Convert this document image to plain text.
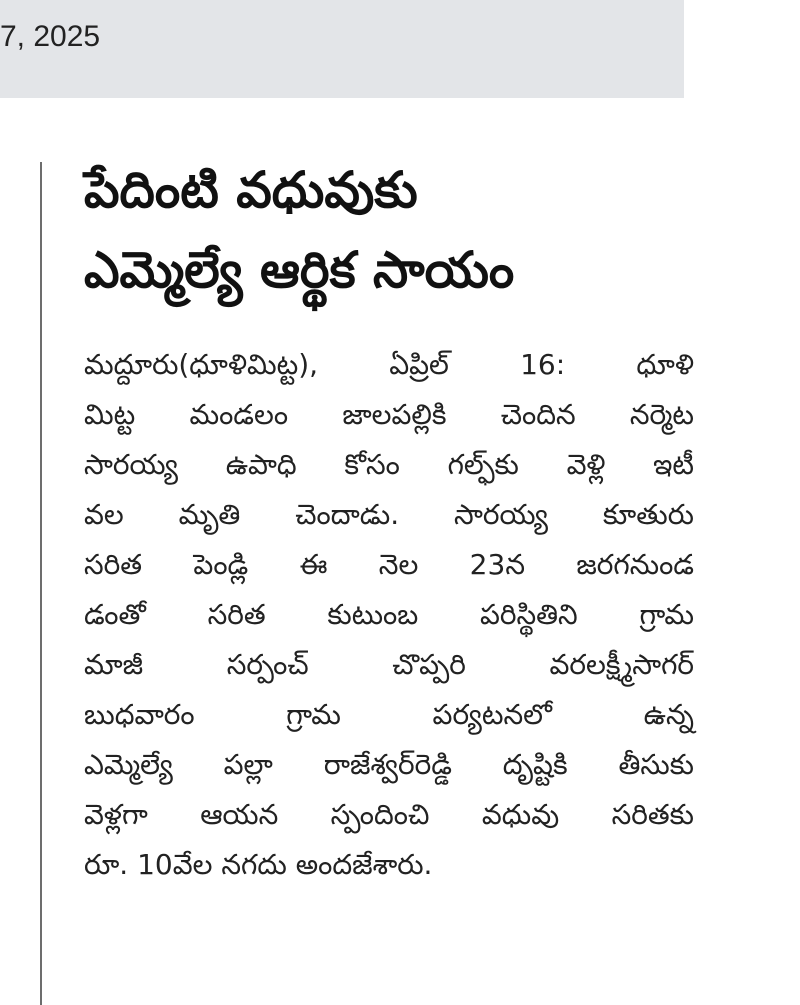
7, 2025
పేదింటి వధువుకు
ఎమ్మెల్యే ఆర్థిక సాయం
మద్దూరు(ధూళిమిట్ట), ఏప్రిల్ 16: ధూళి
మిట్ట మండలం జాలపల్లికి చెందిన నర్మెట
సారయ్య ఉపాధి కోసం గల్ఫ్‌కు వెళ్లి ఇటీ
వల మృతి చెందాడు. సారయ్య కూతురు
సరిత పెండ్లి ఈ నెల 23న జరగనుండ
డంతో సరిత కుటుంబ పరిస్థితిని గ్రామ
మాజీ సర్పంచ్ చొప్పరి వరలక్ష్మీసాగర్
బుధవారం గ్రామ పర్యటనలో ఉన్న
ఎమ్మెల్యే పల్లా రాజేశ్వర్‌రెడ్డి దృష్టికి తీసుకు
వెళ్లగా ఆయన స్పందించి వధువు సరితకు
రూ. 10వేల నగదు అందజేశారు.
